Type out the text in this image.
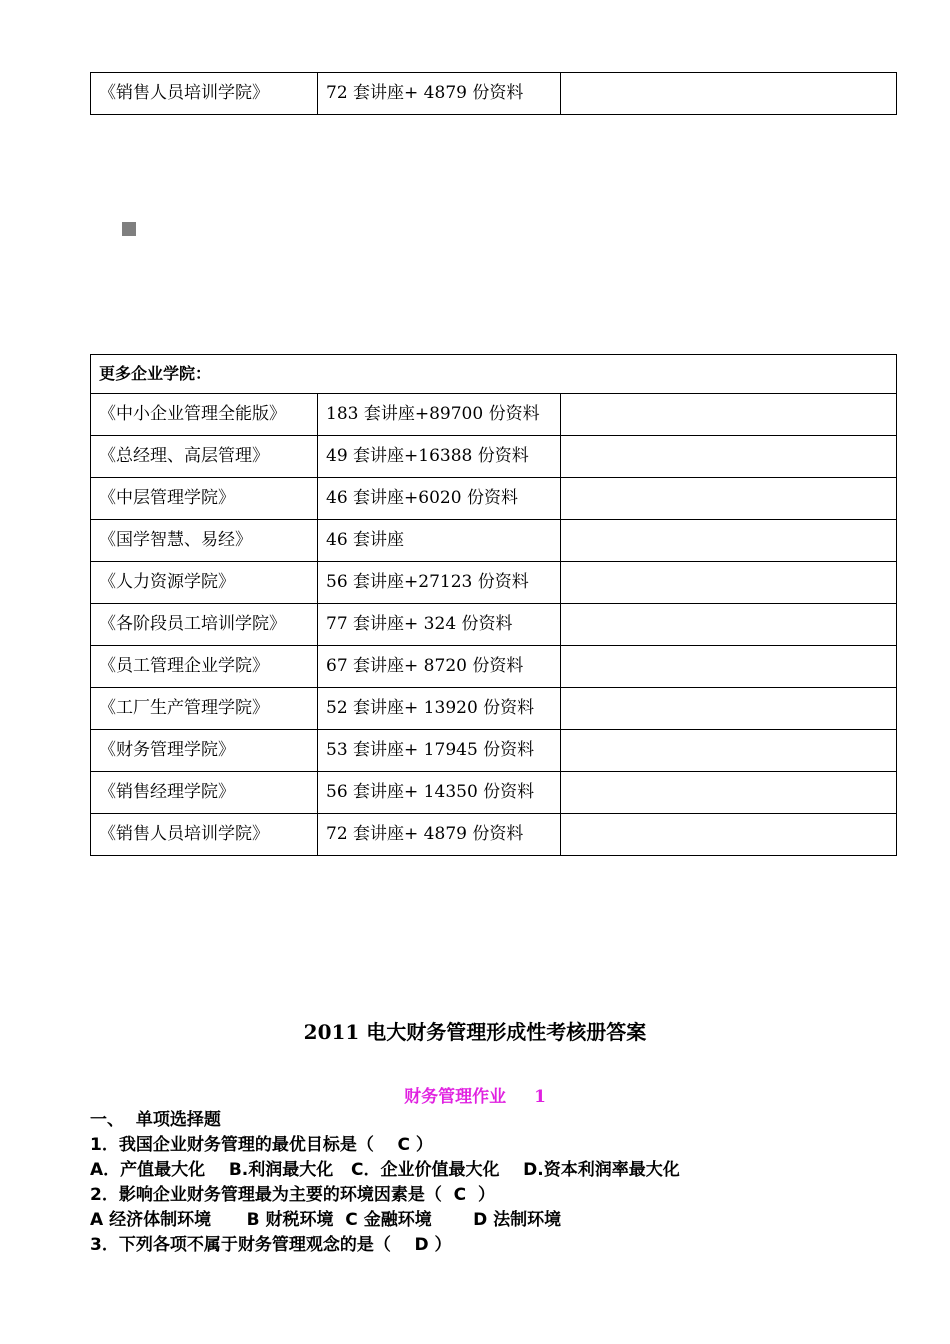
《销售人员培训学院》	72 套讲座+ 4879 份资料	
更多企业学院：		
《中小企业管理全能版》	183 套讲座+89700 份资料	
《总经理、高层管理》	49 套讲座+16388 份资料	
《中层管理学院》	46 套讲座+6020 份资料	
《国学智慧、易经》	46 套讲座	
《人力资源学院》	56 套讲座+27123 份资料	
《各阶段员工培训学院》	77 套讲座+ 324 份资料	
《员工管理企业学院》	67 套讲座+ 8720 份资料	
《工厂生产管理学院》	52 套讲座+ 13920 份资料	
《财务管理学院》	53 套讲座+ 17945 份资料	
《销售经理学院》	56 套讲座+ 14350 份资料	
《销售人员培训学院》	72 套讲座+ 4879 份资料	
2011 电大财务管理形成性考核册答案
财务管理作业 1
一、  单项选择题
1．我国企业财务管理的最优目标是（    C ）
A．产值最大化    B.利润最大化   C．企业价值最大化    D.资本利润率最大化
2．影响企业财务管理最为主要的环境因素是（  C  ）
A 经济体制环境      B 财税环境  C 金融环境       D 法制环境
3．下列各项不属于财务管理观念的是（    D ）
